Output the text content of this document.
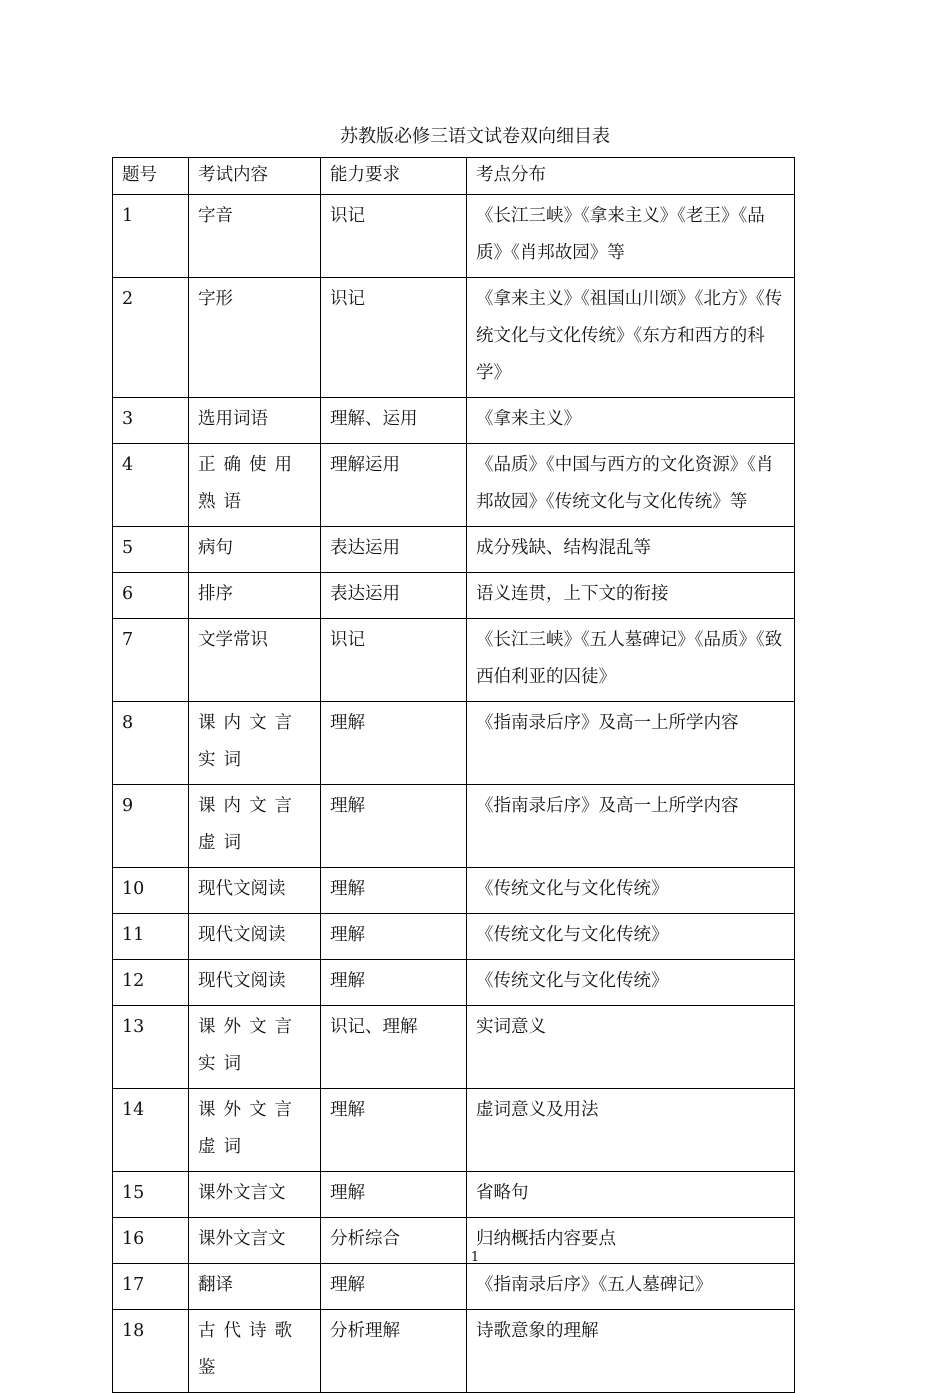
苏教版必修三语文试卷双向细目表
题号	考试内容	能力要求	考点分布
1	字音	识记	《长江三峡》《拿来主义》《老王》《品质》《肖邦故园》等
2	字形	识记	《拿来主义》《祖国山川颂》《北方》《传统文化与文化传统》《东方和西方的科学》
3	选用词语	理解、运用	《拿来主义》
4	正确使用熟语	理解运用	《品质》《中国与西方的文化资源》《肖邦故园》《传统文化与文化传统》等
5	病句	表达运用	成分残缺、结构混乱等
6	排序	表达运用	语义连贯，上下文的衔接
7	文学常识	识记	《长江三峡》《五人墓碑记》《品质》《致西伯利亚的囚徒》
8	课内文言实词	理解	《指南录后序》及高一上所学内容
9	课内文言虚词	理解	《指南录后序》及高一上所学内容
10	现代文阅读	理解	《传统文化与文化传统》
11	现代文阅读	理解	《传统文化与文化传统》
12	现代文阅读	理解	《传统文化与文化传统》
13	课外文言实词	识记、理解	实词意义
14	课外文言虚词	理解	虚词意义及用法
15	课外文言文	理解	省略句
16	课外文言文	分析综合	归纳概括内容要点
17	翻译	理解	《指南录后序》《五人墓碑记》
18	古代诗歌鉴	分析理解	诗歌意象的理解
1
